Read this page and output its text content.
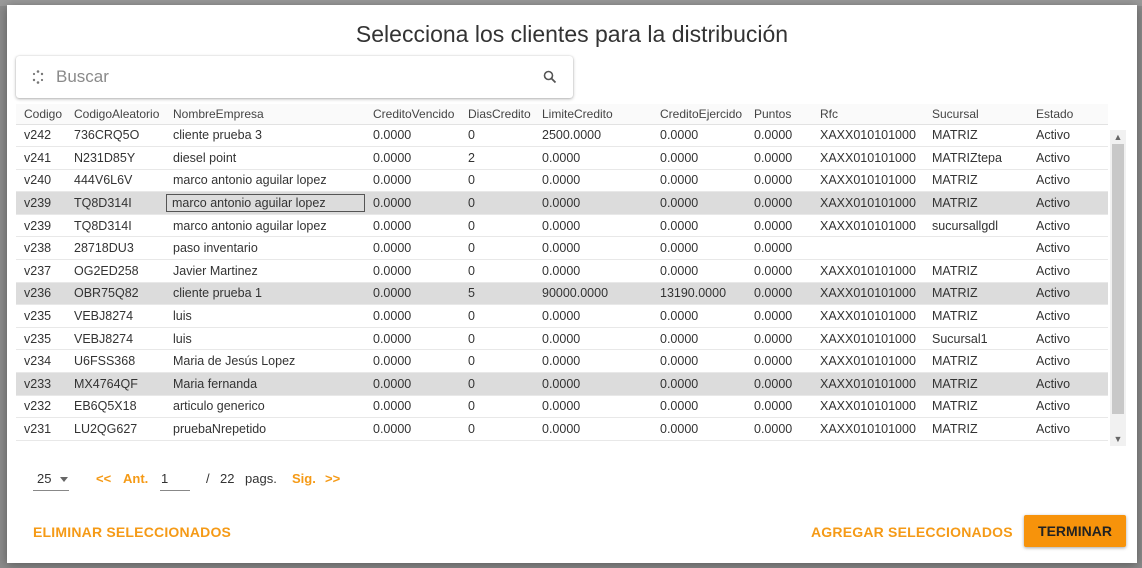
Selecciona los clientes para la distribución
Buscar
Codigo	CodigoAleatorio	NombreEmpresa	CreditoVencido	DiasCredito	LimiteCredito	CreditoEjercido	Puntos	Rfc	Sucursal	Estado
v242	736CRQ5O	cliente prueba 3	0.0000	0	2500.0000	0.0000	0.0000	XAXX010101000	MATRIZ	Activo
v241	N231D85Y	diesel point	0.0000	2	0.0000	0.0000	0.0000	XAXX010101000	MATRIZtepa	Activo
v240	444V6L6V	marco antonio aguilar lopez	0.0000	0	0.0000	0.0000	0.0000	XAXX010101000	MATRIZ	Activo
v239	TQ8D314I	marco antonio aguilar lopez	0.0000	0	0.0000	0.0000	0.0000	XAXX010101000	MATRIZ	Activo
v239	TQ8D314I	marco antonio aguilar lopez	0.0000	0	0.0000	0.0000	0.0000	XAXX010101000	sucursallgdl	Activo
v238	28718DU3	paso inventario	0.0000	0	0.0000	0.0000	0.0000			Activo
v237	OG2ED258	Javier Martinez	0.0000	0	0.0000	0.0000	0.0000	XAXX010101000	MATRIZ	Activo
v236	OBR75Q82	cliente prueba 1	0.0000	5	90000.0000	13190.0000	0.0000	XAXX010101000	MATRIZ	Activo
v235	VEBJ8274	luis	0.0000	0	0.0000	0.0000	0.0000	XAXX010101000	MATRIZ	Activo
v235	VEBJ8274	luis	0.0000	0	0.0000	0.0000	0.0000	XAXX010101000	Sucursal1	Activo
v234	U6FSS368	Maria de Jesús Lopez	0.0000	0	0.0000	0.0000	0.0000	XAXX010101000	MATRIZ	Activo
v233	MX4764QF	Maria fernanda	0.0000	0	0.0000	0.0000	0.0000	XAXX010101000	MATRIZ	Activo
v232	EB6Q5X18	articulo generico	0.0000	0	0.0000	0.0000	0.0000	XAXX010101000	MATRIZ	Activo
v231	LU2QG627	pruebaNrepetido	0.0000	0	0.0000	0.0000	0.0000	XAXX010101000	MATRIZ	Activo
▲
▼
25	<< Ant.
1	/ 22 pags. Sig. >>
ELIMINAR SELECCIONADOS	AGREGAR SELECCIONADOS	TERMINAR
